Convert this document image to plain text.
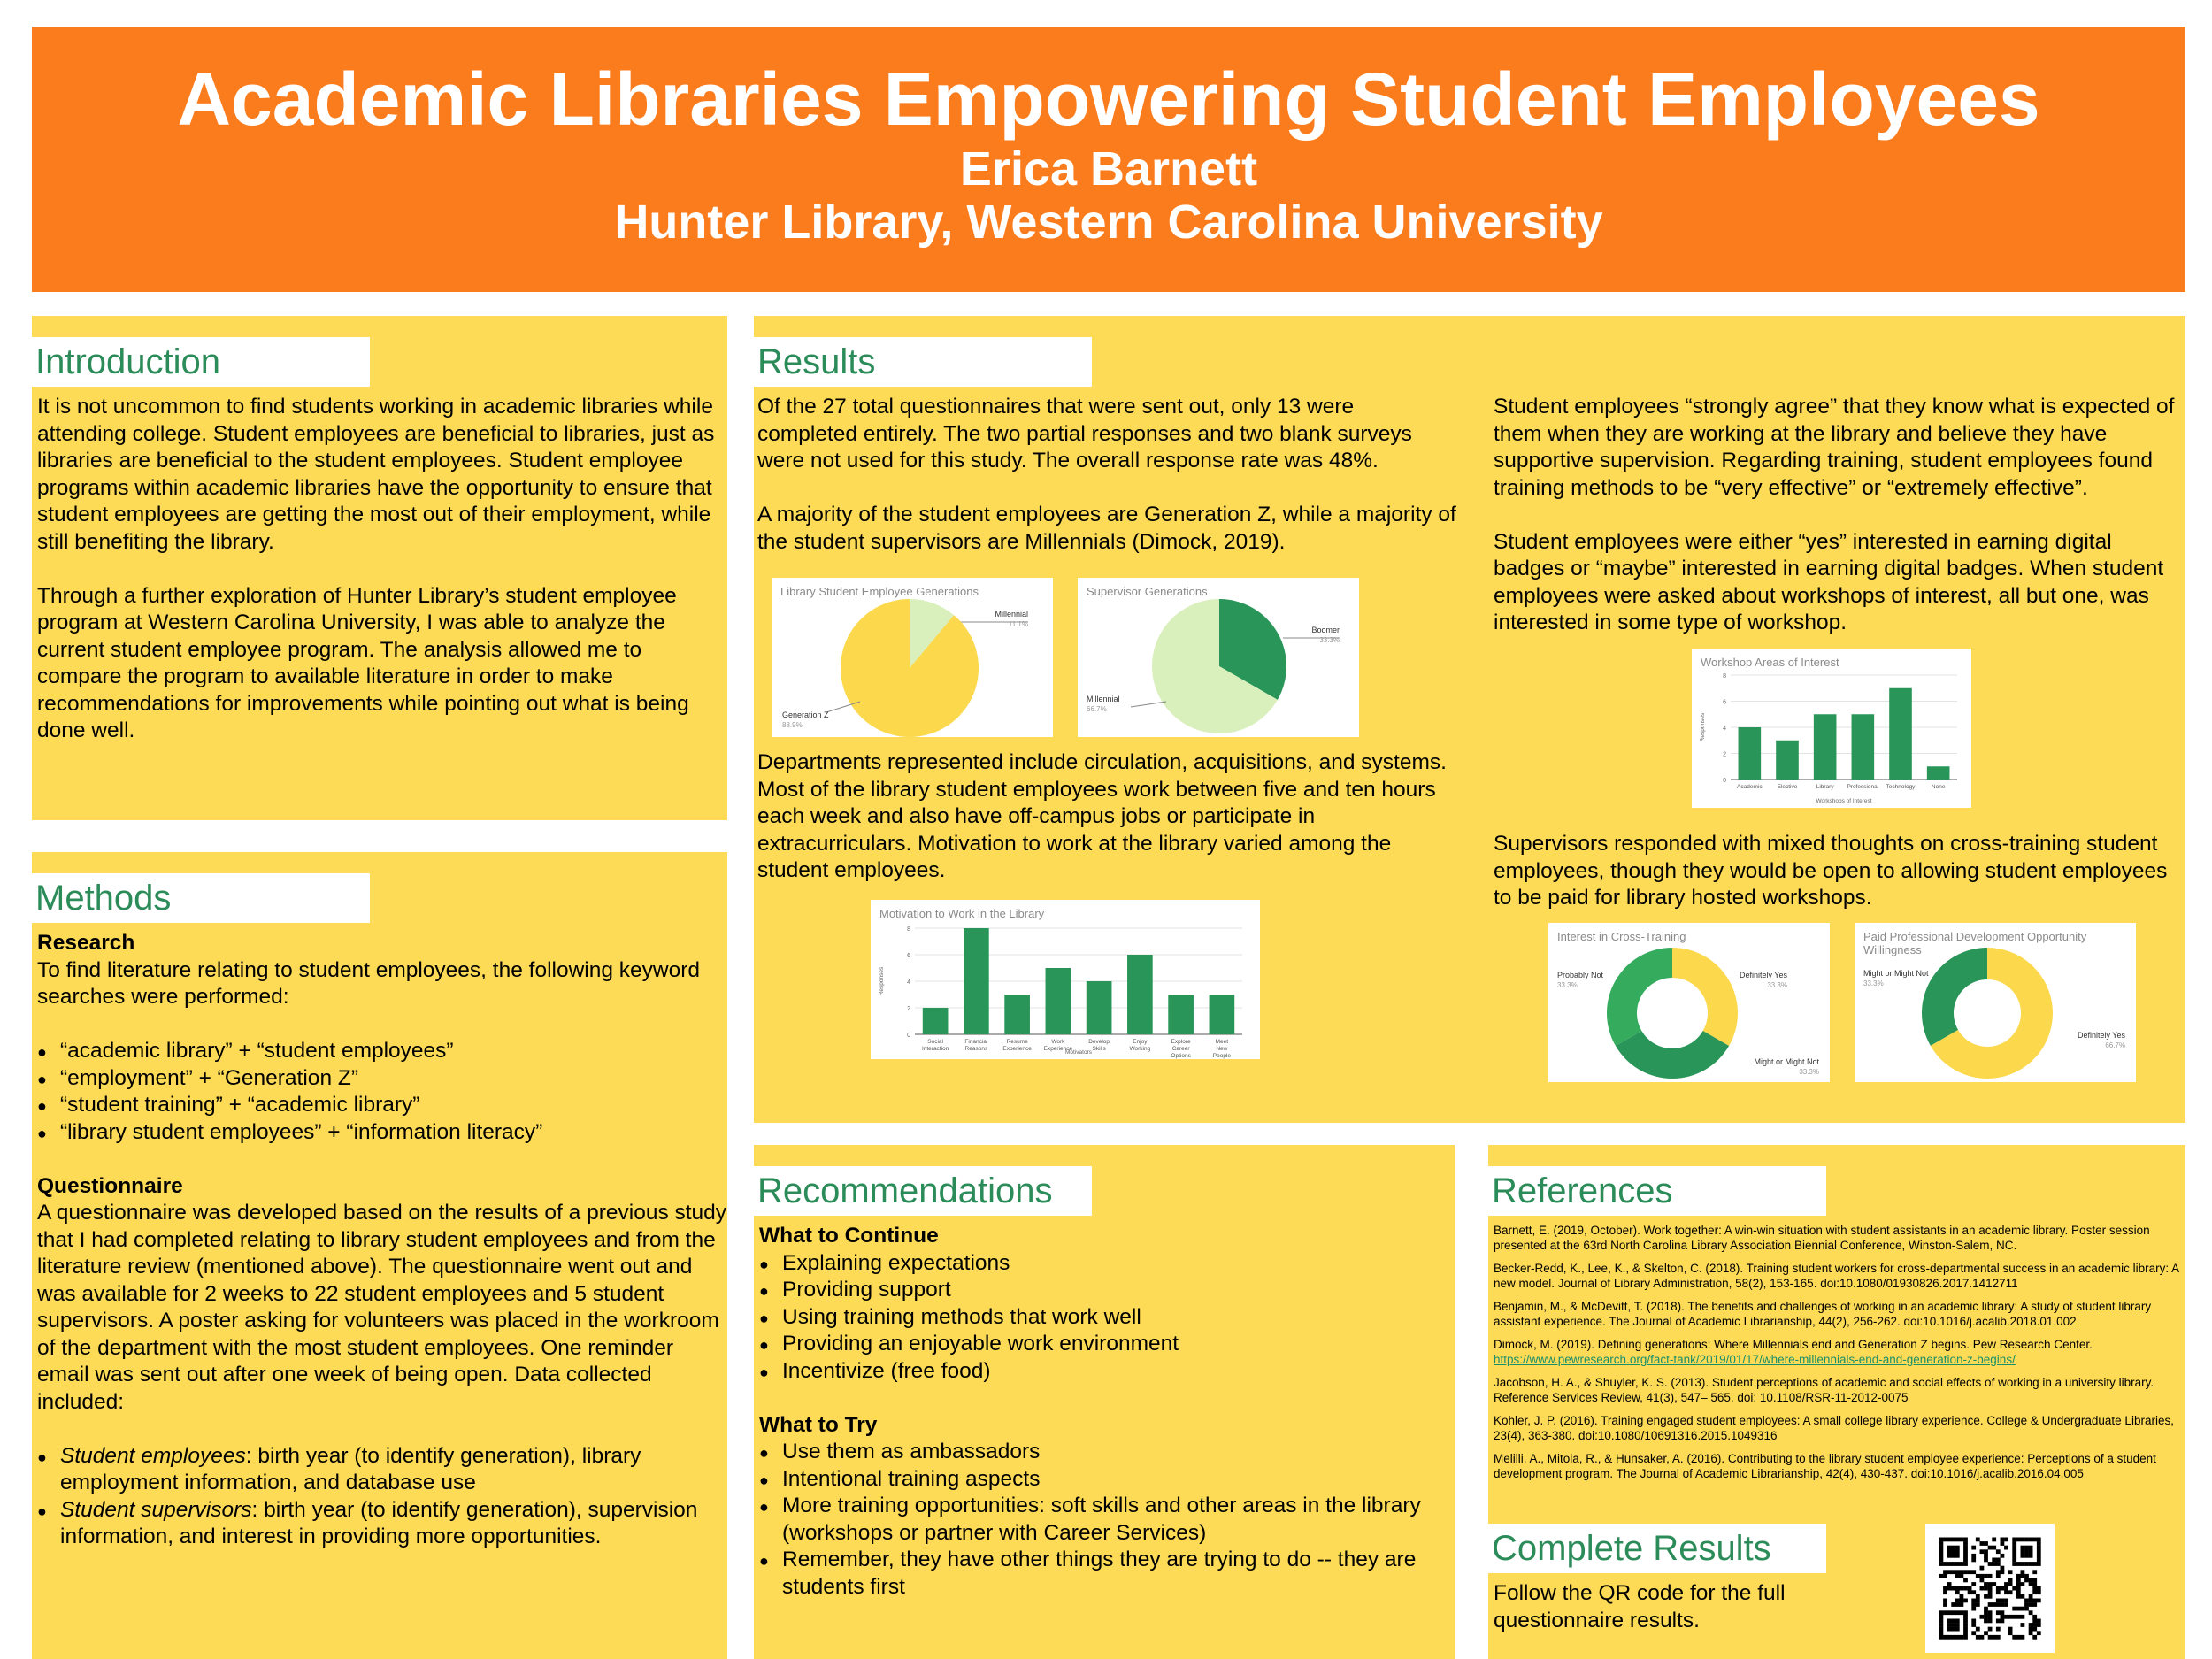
Academic Libraries Empowering Student Employees
Erica Barnett
Hunter Library, Western Carolina University
Introduction

It is not uncommon to find students working in academic libraries while attending college. Student employees are beneficial to libraries, just as libraries are beneficial to the student employees. Student employee programs within academic libraries have the opportunity to ensure that student employees are getting the most out of their employment, while still benefiting the library.

Through a further exploration of Hunter Library’s student employee program at Western Carolina University, I was able to analyze the current student employee program. The analysis allowed me to compare the program to available literature in order to make recommendations for improvements while pointing out what is being done well.

Methods

Research

To find literature relating to student employees, the following keyword searches were performed:

● “academic library” + “student employees”
● “employment” + “Generation Z”
● “student training” + “academic library”
● “library student employees” + “information literacy”

Questionnaire

A questionnaire was developed based on the results of a previous study that I had completed relating to library student employees and from the literature review (mentioned above). The questionnaire went out and was available for 2 weeks to 22 student employees and 5 student supervisors. A poster asking for volunteers was placed in the workroom of the department with the most student employees. One reminder email was sent out after one week of being open. Data collected included:

● Student employees: birth year (to identify generation), library employment information, and database use
● Student supervisors: birth year (to identify generation), supervision information, and interest in providing more opportunities.
Results

Of the 27 total questionnaires that were sent out, only 13 were completed entirely. The two partial responses and two blank surveys were not used for this study. The overall response rate was 48%.

A majority of the student employees are Generation Z, while a majority of the student supervisors are Millennials (Dimock, 2019).

Departments represented include circulation, acquisitions, and systems. Most of the library student employees work between five and ten hours each week and also have off-campus jobs or participate in extracurriculars. Motivation to work at the library varied among the student employees.

Student employees “strongly agree” that they know what is expected of them when they are working at the library and believe they have supportive supervision. Regarding training, student employees found training methods to be “very effective” or “extremely effective”.

Student employees were either “yes” interested in earning digital badges or “maybe” interested in earning digital badges. When student employees were asked about workshops of interest, all but one, was interested in some type of workshop.

Supervisors responded with mixed thoughts on cross-training student employees, though they would be open to allowing student employees to be paid for library hosted workshops.

Library Student Employee Generations
Millennial
11.1%
Generation Z
88.9%
Supervisor Generations
Boomer
33.3%
Millennial
66.7%
Motivation to Work in the Library
0
2
4
6
8
Social
Interaction
Financial
Reasons
Resume
Experience
Work
Experience
Develop
Skills
Enjoy
Working
Explore
Career
Options
Meet
New
People
Motivators
Responses
Workshop Areas of Interest
0
2
4
6
8
Academic	Elective	Library Professional Technology	None
Workshops of Interest
Responses
Interest in Cross-Training
Definitely Yes
33.3%
Might or Might Not
33.3%
Probably Not
33.3%
Paid Professional Development Opportunity Willingness
Definitely Yes
66.7%
Might or Might Not
33.3%
Recommendations

What to Continue

● Explaining expectations
● Providing support
● Using training methods that work well
● Providing an enjoyable work environment
● Incentivize (free food)

What to Try

● Use them as ambassadors
● Intentional training aspects
● More training opportunities: soft skills and other areas in the library (workshops or partner with Career Services)
● Remember, they have other things they are trying to do -- they are students first
References

Barnett, E. (2019, October). Work together: A win-win situation with student assistants in an academic library. Poster session presented at the 63rd North Carolina Library Association Biennial Conference, Winston-Salem, NC.

Becker-Redd, K., Lee, K., & Skelton, C. (2018). Training student workers for cross-departmental success in an academic library: A new model. Journal of Library Administration, 58(2), 153-165. doi:10.1080/01930826.2017.1412711

Benjamin, M., & McDevitt, T. (2018). The benefits and challenges of working in an academic library: A study of student library assistant experience. The Journal of Academic Librarianship, 44(2), 256-262. doi:10.1016/j.acalib.2018.01.002

Dimock, M. (2019). Defining generations: Where Millennials end and Generation Z begins. Pew Research Center.
https://www.pewresearch.org/fact-tank/2019/01/17/where-millennials-end-and-generation-z-begins/

Jacobson, H. A., & Shuyler, K. S. (2013). Student perceptions of academic and social effects of working in a university library. Reference Services Review, 41(3), 547– 565. doi: 10.1108/RSR-11-2012-0075

Kohler, J. P. (2016). Training engaged student employees: A small college library experience. College & Undergraduate Libraries, 23(4), 363-380. doi:10.1080/10691316.2015.1049316

Melilli, A., Mitola, R., & Hunsaker, A. (2016). Contributing to the library student employee experience: Perceptions of a student development program. The Journal of Academic Librarianship, 42(4), 430-437. doi:10.1016/j.acalib.2016.04.005

Complete Results
Follow the QR code for the full questionnaire results.
